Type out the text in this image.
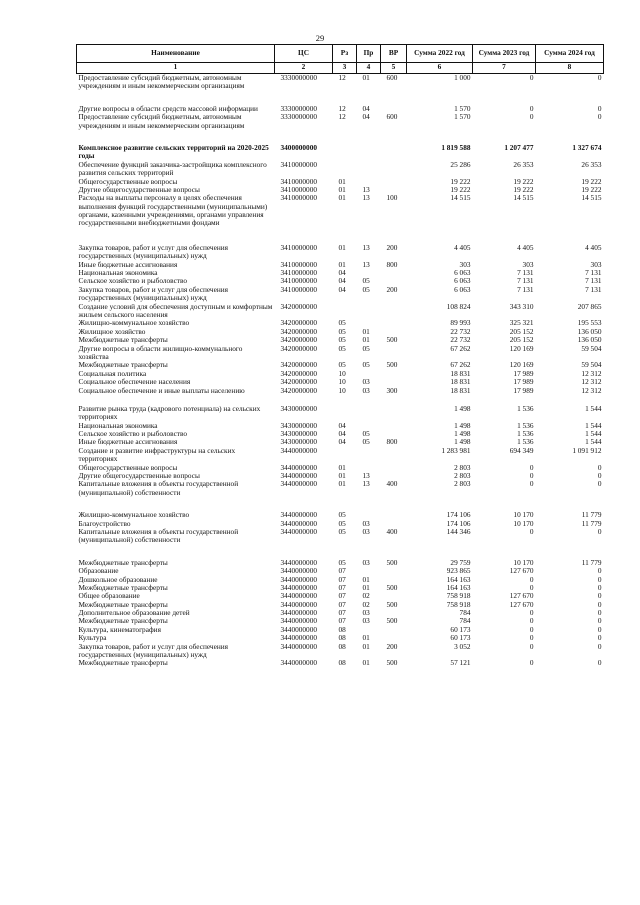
29
Наименование	ЦС	Рз	Пр	ВР	Сумма 2022 год	Сумма 2023 год	Сумма 2024 год
1	2	3	4	5	6	7	8
Предоставление субсидий бюджетным, автономным учреждениям и иным некоммерческим организациям	3330000000	12	01	600	1 000	0	0
Другие вопросы в области средств массовой информации	3330000000	12	04		1 570	0	0
Предоставление субсидий бюджетным, автономным учреждениям и иным некоммерческим организациям	3330000000	12	04	600	1 570	0	0
Комплексное развитие сельских территорий на 2020-2025 годы	3400000000				1 819 588	1 207 477	1 327 674
Обеспечение функций заказчика-застройщика комплексного развития сельских территорий	3410000000				25 286	26 353	26 353
Общегосударственные вопросы	3410000000	01			19 222	19 222	19 222
Другие общегосударственные вопросы	3410000000	01	13		19 222	19 222	19 222
Расходы на выплаты персоналу в целях обеспечения выполнения функций государственными (муниципальными) органами, казенными учреждениями, органами управления государственными внебюджетными фондами	3410000000	01	13	100	14 515	14 515	14 515
Закупка товаров, работ и услуг для обеспечения государственных (муниципальных) нужд	3410000000	01	13	200	4 405	4 405	4 405
Иные бюджетные ассигнования	3410000000	01	13	800	303	303	303
Национальная экономика	3410000000	04			6 063	7 131	7 131
Сельское хозяйство и рыболовство	3410000000	04	05		6 063	7 131	7 131
Закупка товаров, работ и услуг для обеспечения государственных (муниципальных) нужд	3410000000	04	05	200	6 063	7 131	7 131
Создание условий для обеспечения доступным и комфортным жильем сельского населения	3420000000				108 824	343 310	207 865
Жилищно-коммунальное хозяйство	3420000000	05			89 993	325 321	195 553
Жилищное хозяйство	3420000000	05	01		22 732	205 152	136 050
Межбюджетные трансферты	3420000000	05	01	500	22 732	205 152	136 050
Другие вопросы в области жилищно-коммунального хозяйства	3420000000	05	05		67 262	120 169	59 504
Межбюджетные трансферты	3420000000	05	05	500	67 262	120 169	59 504
Социальная политика	3420000000	10			18 831	17 989	12 312
Социальное обеспечение населения	3420000000	10	03		18 831	17 989	12 312
Социальное обеспечение и иные выплаты населению	3420000000	10	03	300	18 831	17 989	12 312
Развитие рынка труда (кадрового потенциала) на сельских территориях	3430000000				1 498	1 536	1 544
Национальная экономика	3430000000	04			1 498	1 536	1 544
Сельское хозяйство и рыболовство	3430000000	04	05		1 498	1 536	1 544
Иные бюджетные ассигнования	3430000000	04	05	800	1 498	1 536	1 544
Создание и развитие инфраструктуры на сельских территориях	3440000000				1 283 981	694 349	1 091 912
Общегосударственные вопросы	3440000000	01			2 803	0	0
Другие общегосударственные вопросы	3440000000	01	13		2 803	0	0
Капитальные вложения в объекты государственной (муниципальной) собственности	3440000000	01	13	400	2 803	0	0
Жилищно-коммунальное хозяйство	3440000000	05			174 106	10 170	11 779
Благоустройство	3440000000	05	03		174 106	10 170	11 779
Капитальные вложения в объекты государственной (муниципальной) собственности	3440000000	05	03	400	144 346	0	0
Межбюджетные трансферты	3440000000	05	03	500	29 759	10 170	11 779
Образование	3440000000	07			923 865	127 670	0
Дошкольное образование	3440000000	07	01		164 163	0	0
Межбюджетные трансферты	3440000000	07	01	500	164 163	0	0
Общее образование	3440000000	07	02		758 918	127 670	0
Межбюджетные трансферты	3440000000	07	02	500	758 918	127 670	0
Дополнительное образование детей	3440000000	07	03		784	0	0
Межбюджетные трансферты	3440000000	07	03	500	784	0	0
Культура, кинематография	3440000000	08			60 173	0	0
Культура	3440000000	08	01		60 173	0	0
Закупка товаров, работ и услуг для обеспечения государственных (муниципальных) нужд	3440000000	08	01	200	3 052	0	0
Межбюджетные трансферты	3440000000	08	01	500	57 121	0	0
